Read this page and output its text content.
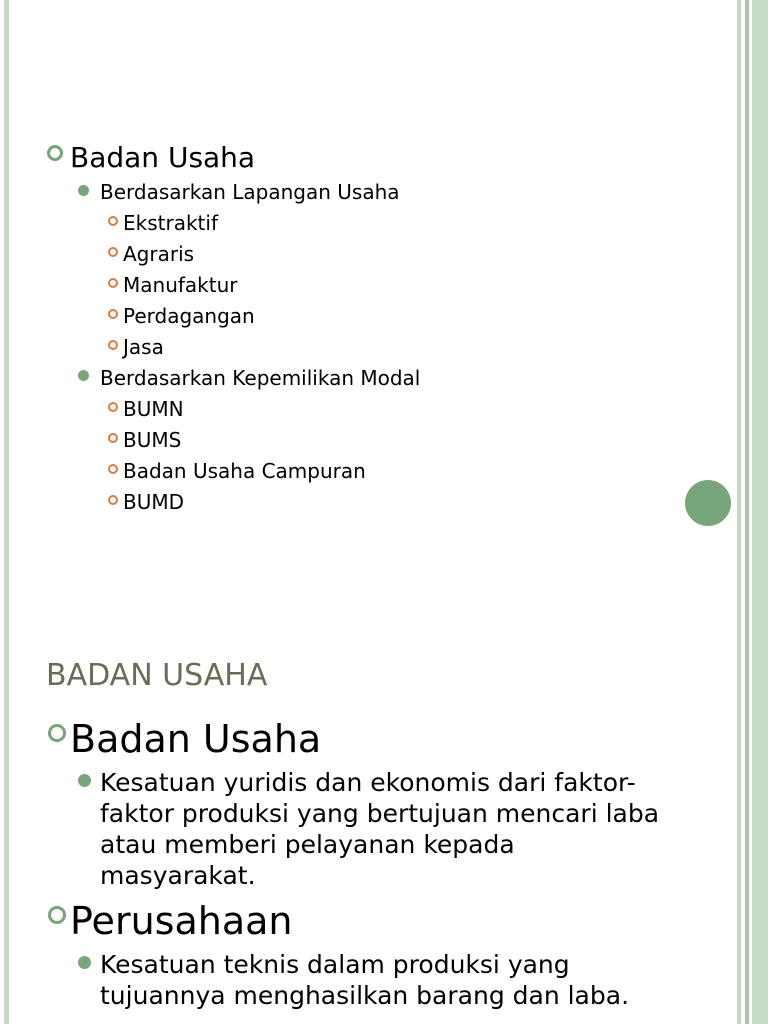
Badan Usaha
Berdasarkan Lapangan Usaha
Ekstraktif
Agraris
Manufaktur
Perdagangan
Jasa
Berdasarkan Kepemilikan Modal
BUMN
BUMS
Badan Usaha Campuran
BUMD
BADAN USAHA
Badan Usaha
Kesatuan yuridis dan ekonomis dari faktor-faktor produksi yang bertujuan mencari laba atau memberi pelayanan kepada masyarakat.
Perusahaan
Kesatuan teknis dalam produksi yang tujuannya menghasilkan barang dan laba.
